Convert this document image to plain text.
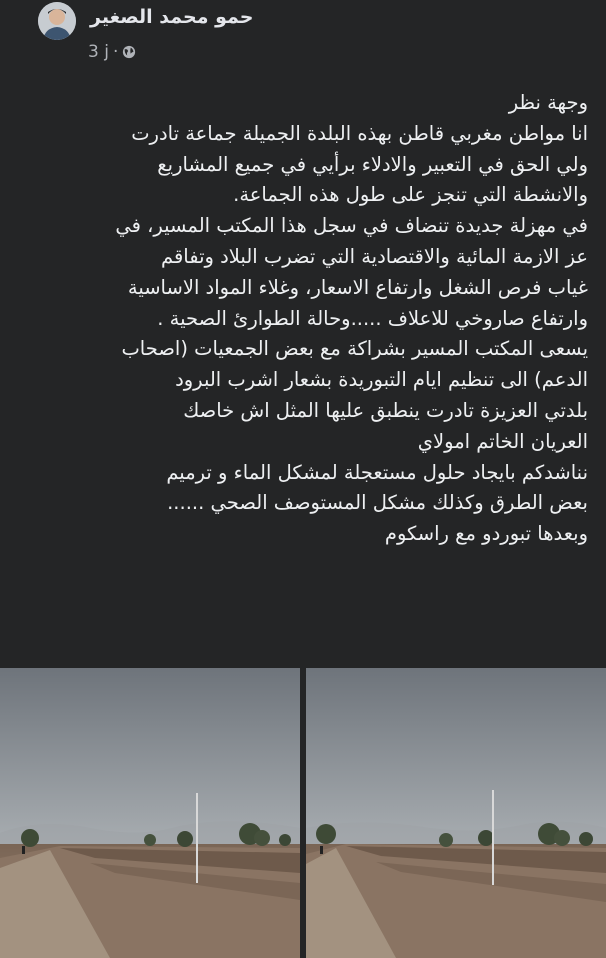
حمو محمد الصغير
3 j ·
وجهة نظر
انا مواطن مغربي قاطن بهذه البلدة الجميلة جماعة تادرت
ولي الحق في التعبير والادلاء برأيي في جميع المشاريع
والانشطة التي تنجز على طول هذه الجماعة.
في مهزلة جديدة تنضاف في سجل هذا المكتب المسير، في
عز الازمة المائية والاقتصادية التي تضرب البلاد وتفاقم
غياب فرص الشغل وارتفاع الاسعار، وغلاء المواد الاساسية
وارتفاع صاروخي للاعلاف .....وحالة الطوارئ الصحية .
يسعى المكتب المسير بشراكة مع بعض الجمعيات (اصحاب
الدعم) الى تنظيم ايام التبوريدة بشعار اشرب البرود
بلدتي العزيزة تادرت ينطبق عليها المثل اش خاصك
العريان الخاتم امولاي
نناشدكم بايجاد حلول مستعجلة لمشكل الماء و ترميم
بعض الطرق وكذلك مشكل المستوصف الصحي ......
وبعدها تبوردو مع راسكوم
